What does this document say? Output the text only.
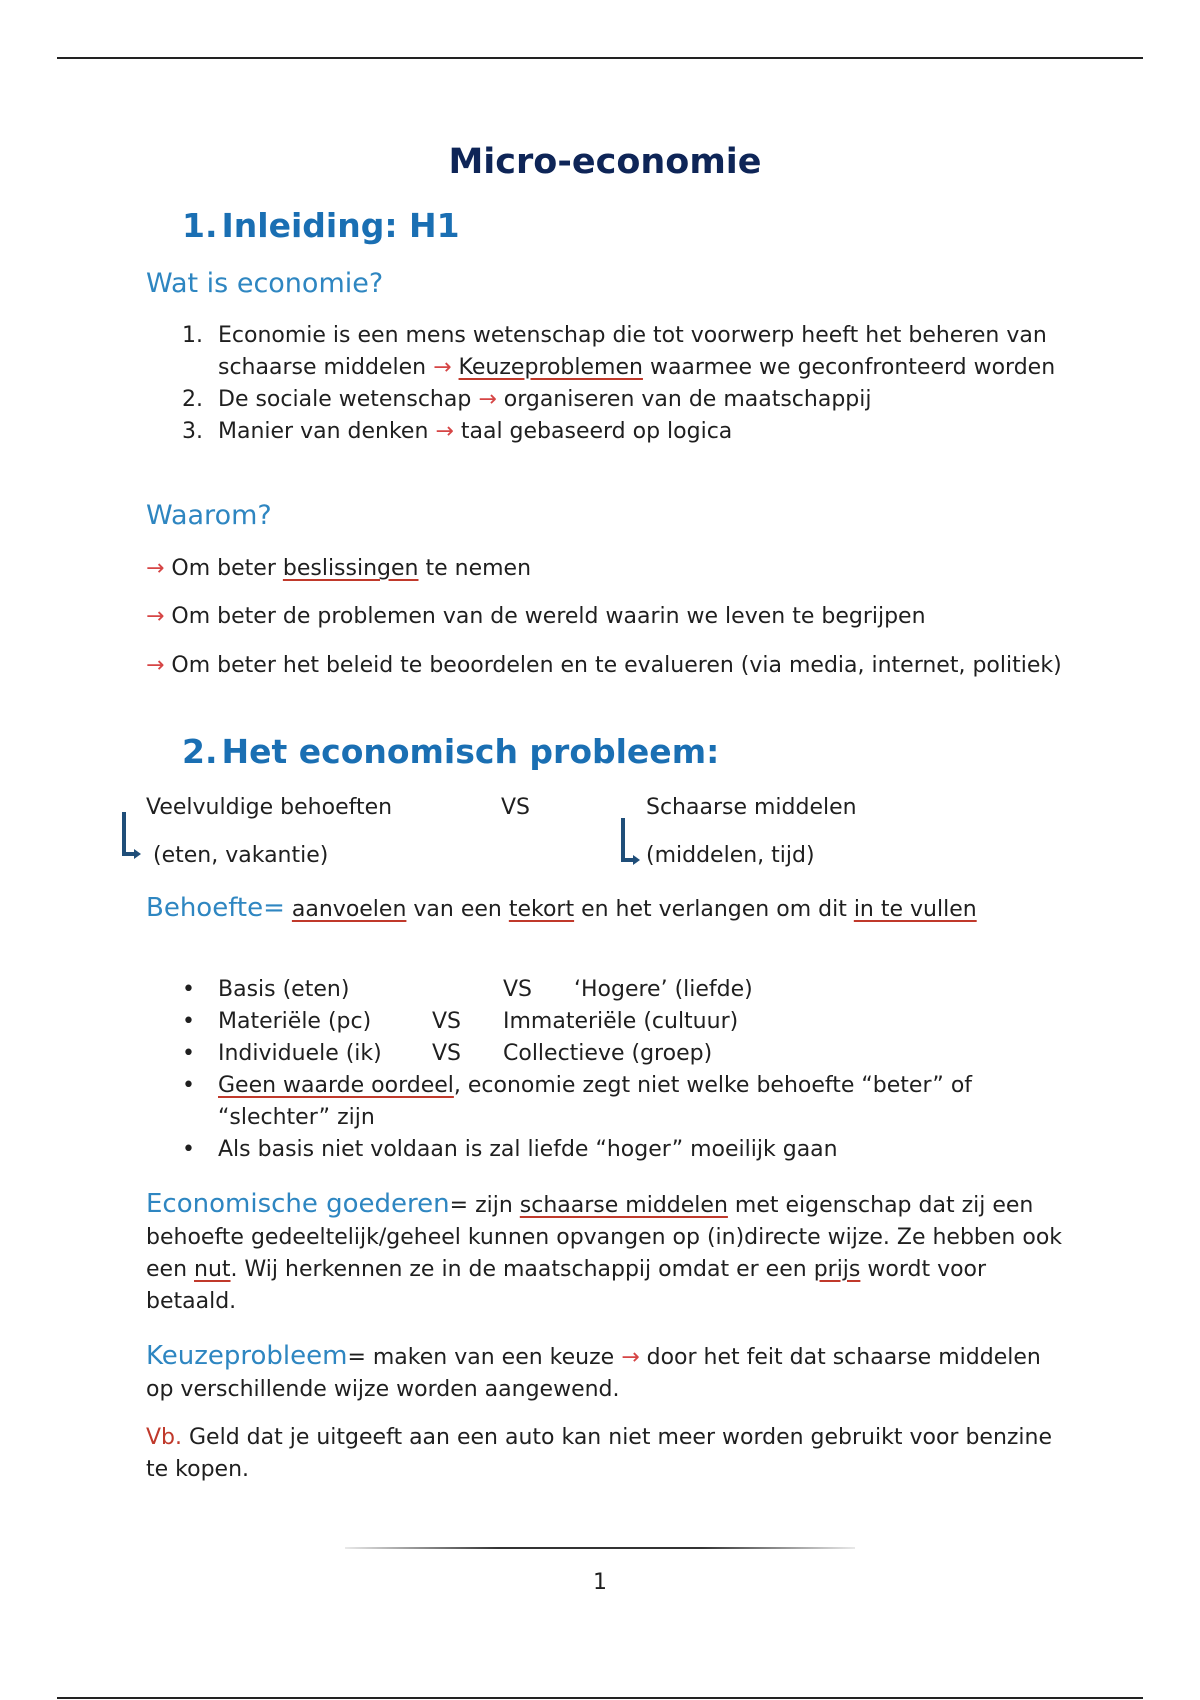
Micro-economie
1. Inleiding: H1
Wat is economie?
1. Economie is een mens wetenschap die tot voorwerp heeft het beheren van schaarse middelen → Keuzeproblemen waarmee we geconfronteerd worden
2. De sociale wetenschap → organiseren van de maatschappij
3. Manier van denken → taal gebaseerd op logica
Waarom?

→ Om beter beslissingen te nemen

→ Om beter de problemen van de wereld waarin we leven te begrijpen

→ Om beter het beleid te beoordelen en te evalueren (via media, internet, politiek)

2. Het economisch probleem:
Veelvuldige behoeften	VS	Schaarse middelen
(eten, vakantie)	(middelen, tijd)

Behoefte= aanvoelen van een tekort en het verlangen om dit in te vullen

• Basis (eten)	VS ‘Hogere’ (liefde)
• Materiële (pc)	VS Immateriële (cultuur)
• Individuele (ik) VS Collectieve (groep)
• Geen waarde oordeel, economie zegt niet welke behoefte “beter” of “slechter” zijn
• Als basis niet voldaan is zal liefde “hoger” moeilijk gaan

Economische goederen= zijn schaarse middelen met eigenschap dat zij een behoefte gedeeltelijk/geheel kunnen opvangen op (in)directe wijze. Ze hebben ook een nut. Wij herkennen ze in de maatschappij omdat er een prijs wordt voor betaald.

Keuzeprobleem= maken van een keuze → door het feit dat schaarse middelen op verschillende wijze worden aangewend.

Vb. Geld dat je uitgeeft aan een auto kan niet meer worden gebruikt voor benzine te kopen.

1
